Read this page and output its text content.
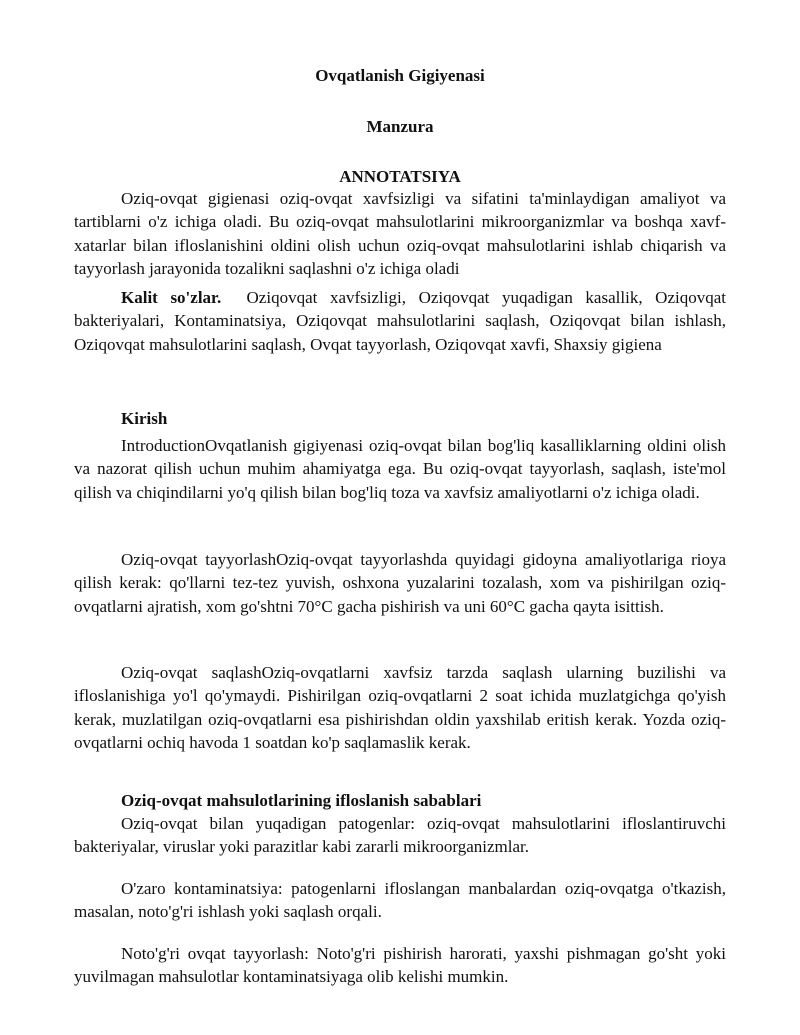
Ovqatlanish Gigiyenasi
Manzura
ANNOTATSIYA

Oziq-ovqat gigienasi oziq-ovqat xavfsizligi va sifatini ta'minlaydigan amaliyot va tartiblarni o'z ichiga oladi. Bu oziq-ovqat mahsulotlarini mikroorganizmlar va boshqa xavf-xatarlar bilan ifloslanishini oldini olish uchun oziq-ovqat mahsulotlarini ishlab chiqarish va tayyorlash jarayonida tozalikni saqlashni o'z ichiga oladi

Kalit so'zlar. Oziqovqat xavfsizligi, Oziqovqat yuqadigan kasallik, Oziqovqat bakteriyalari, Kontaminatsiya, Oziqovqat mahsulotlarini saqlash, Oziqovqat bilan ishlash, Oziqovqat mahsulotlarini saqlash, Ovqat tayyorlash, Oziqovqat xavfi, Shaxsiy gigiena

Kirish

IntroductionOvqatlanish gigiyenasi oziq-ovqat bilan bog'liq kasalliklarning oldini olish va nazorat qilish uchun muhim ahamiyatga ega. Bu oziq-ovqat tayyorlash, saqlash, iste'mol qilish va chiqindilarni yo'q qilish bilan bog'liq toza va xavfsiz amaliyotlarni o'z ichiga oladi.

Oziq-ovqat tayyorlashOziq-ovqat tayyorlashda quyidagi gidoyna amaliyotlariga rioya qilish kerak: qo'llarni tez-tez yuvish, oshxona yuzalarini tozalash, xom va pishirilgan oziq-ovqatlarni ajratish, xom go'shtni 70°C gacha pishirish va uni 60°C gacha qayta isittish.

Oziq-ovqat saqlashOziq-ovqatlarni xavfsiz tarzda saqlash ularning buzilishi va ifloslanishiga yo'l qo'ymaydi. Pishirilgan oziq-ovqatlarni 2 soat ichida muzlatgichga qo'yish kerak, muzlatilgan oziq-ovqatlarni esa pishirishdan oldin yaxshilab eritish kerak. Yozda oziq-ovqatlarni ochiq havoda 1 soatdan ko'p saqlamaslik kerak.

Oziq-ovqat mahsulotlarining ifloslanish sabablari

Oziq-ovqat bilan yuqadigan patogenlar: oziq-ovqat mahsulotlarini ifloslantiruvchi bakteriyalar, viruslar yoki parazitlar kabi zararli mikroorganizmlar.

O'zaro kontaminatsiya: patogenlarni ifloslangan manbalardan oziq-ovqatga o'tkazish, masalan, noto'g'ri ishlash yoki saqlash orqali.

Noto'g'ri ovqat tayyorlash: Noto'g'ri pishirish harorati, yaxshi pishmagan go'sht yoki yuvilmagan mahsulotlar kontaminatsiyaga olib kelishi mumkin.
